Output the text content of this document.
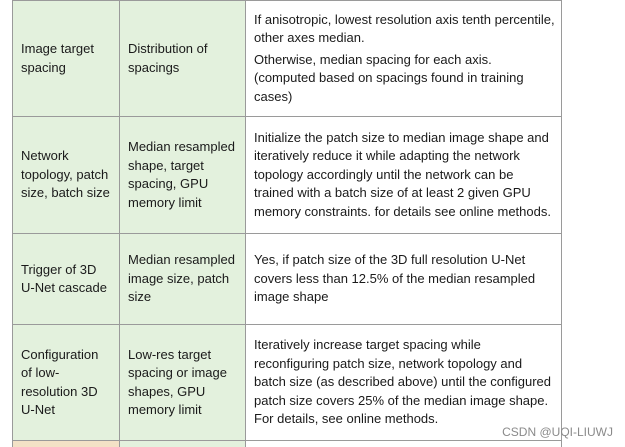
Image target spacing	Distribution of spacings	If anisotropic, lowest resolution axis tenth percentile, other axes median.
Otherwise, median spacing for each axis. (computed based on spacings found in training cases)

Network topology, patch size, batch size	Median resampled shape, target spacing, GPU memory limit	Initialize the patch size to median image shape and iteratively reduce it while adapting the network topology accordingly until the network can be trained with a batch size of at least 2 given GPU memory constraints. for details see online methods.

Trigger of 3D U-Net cascade	Median resampled image size, patch size	Yes, if patch size of the 3D full resolution U-Net covers less than 12.5% of the median resampled image shape

Configuration of low-resolution 3D U-Net	Low-res target spacing or image shapes, GPU memory limit	Iteratively increase target spacing while reconfiguring patch size, network topology and batch size (as described above) until the configured patch size covers 25% of the median image shape. For details, see online methods.

CSDN @UQI-LIUWJ
